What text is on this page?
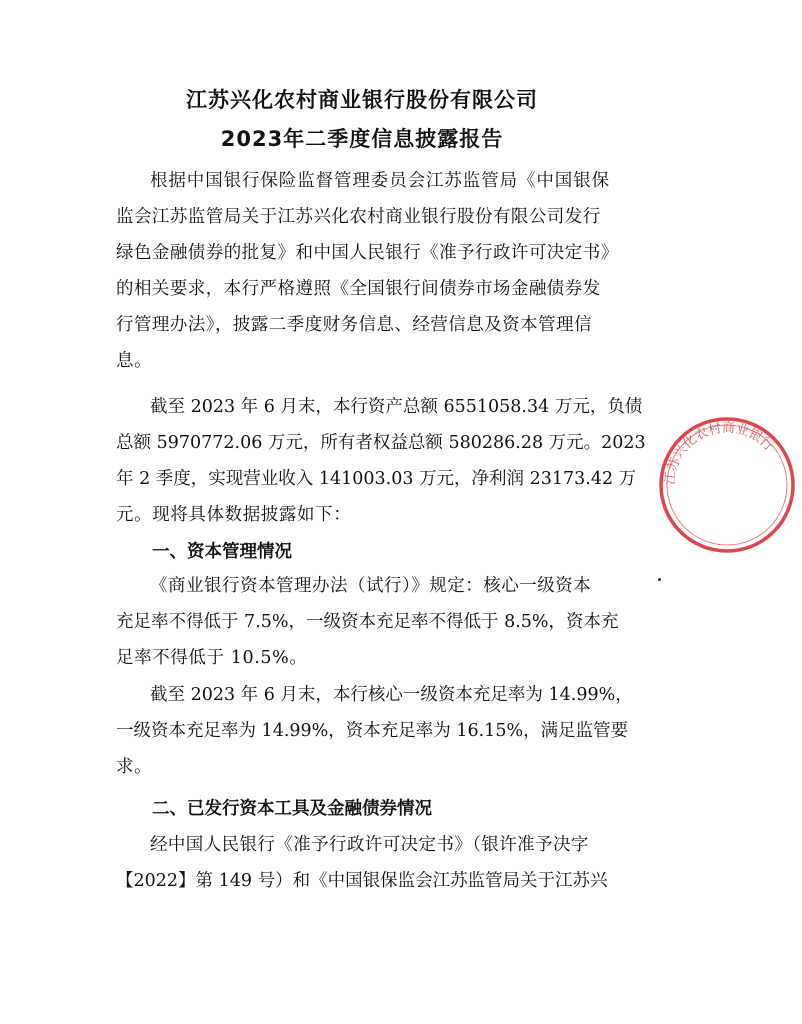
江苏兴化农村商业银行股份有限公司
2023年二季度信息披露报告
根据中国银行保险监督管理委员会江苏监管局《中国银保
监会江苏监管局关于江苏兴化农村商业银行股份有限公司发行
绿色金融债券的批复》和中国人民银行《准予行政许可决定书》
的相关要求，本行严格遵照《全国银行间债券市场金融债券发
行管理办法》，披露二季度财务信息、经营信息及资本管理信
息。
截至 2023 年 6 月末，本行资产总额 6551058.34 万元，负债
总额 5970772.06 万元，所有者权益总额 580286.28 万元。2023
年 2 季度，实现营业收入 141003.03 万元，净利润 23173.42 万
元。现将具体数据披露如下：
一、资本管理情况
《商业银行资本管理办法（试行）》规定：核心一级资本
充足率不得低于 7.5%，一级资本充足率不得低于 8.5%，资本充
足率不得低于 10.5%。
截至 2023 年 6 月末，本行核心一级资本充足率为 14.99%，
一级资本充足率为 14.99%，资本充足率为 16.15%，满足监管要
求。
二、已发行资本工具及金融债券情况
经中国人民银行《准予行政许可决定书》（银许准予决字
【2022】第 149 号）和《中国银保监会江苏监管局关于江苏兴
江苏兴化农村商业银行
